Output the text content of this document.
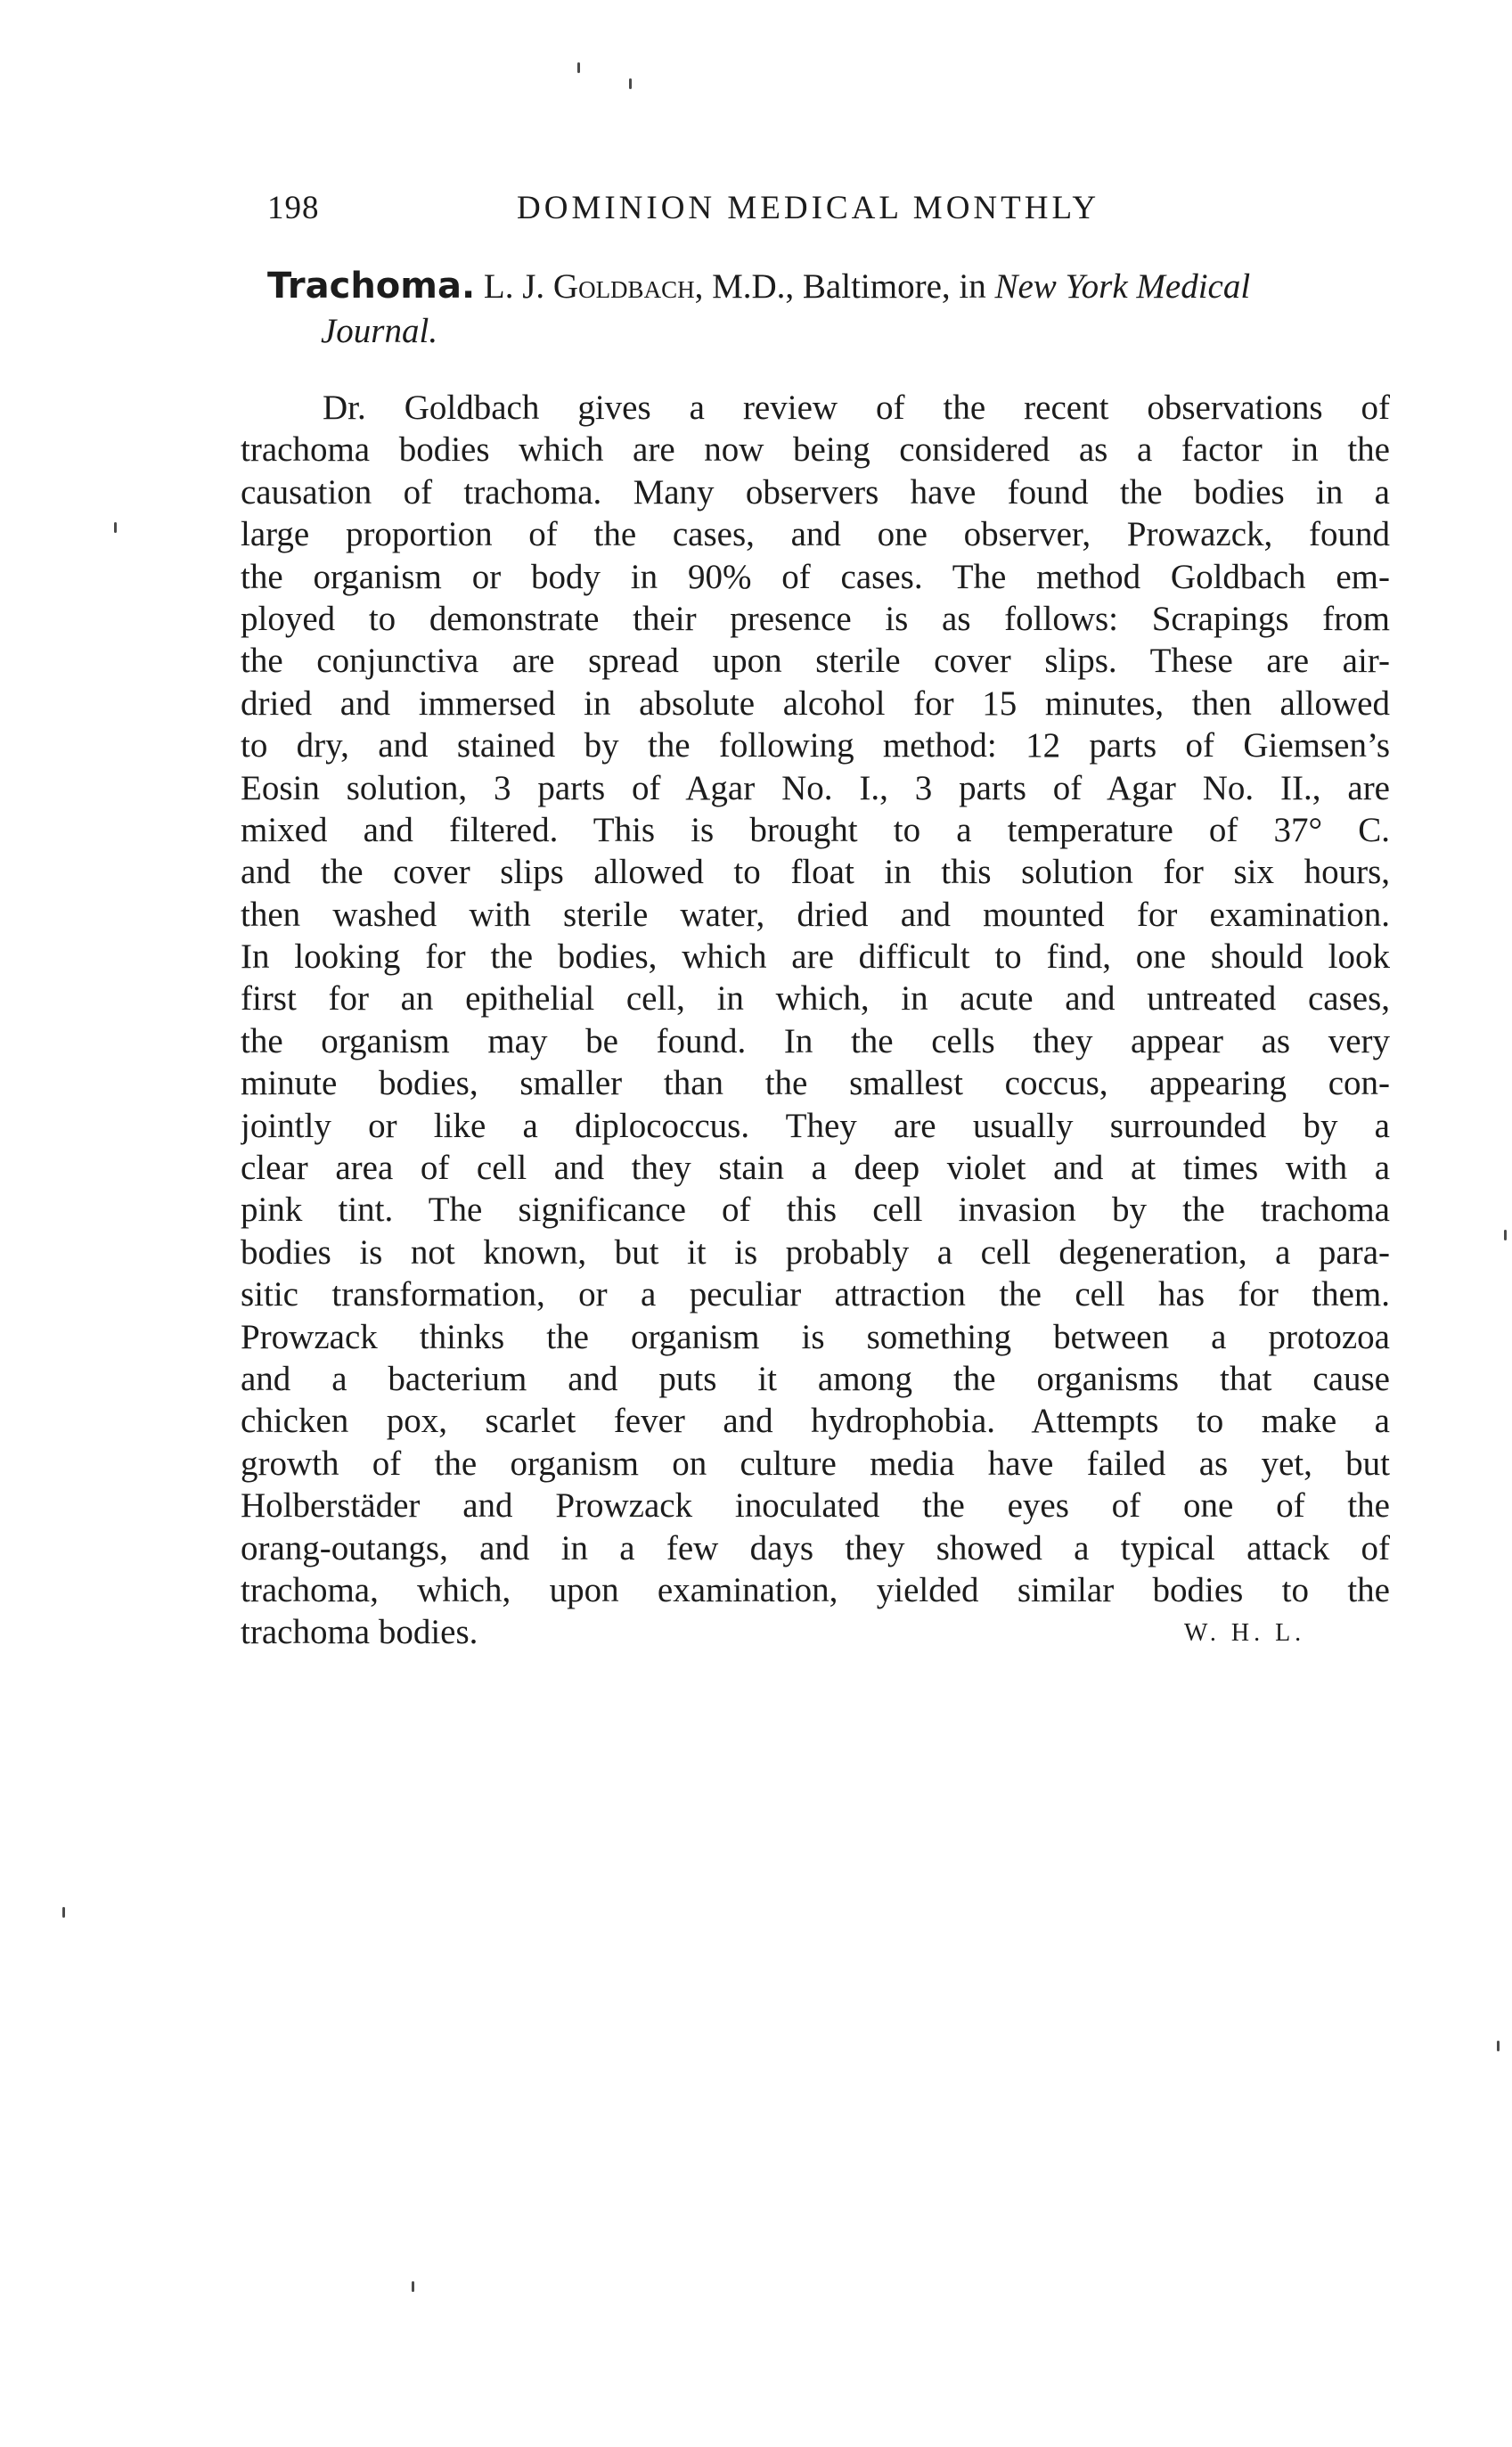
198	DOMINION MEDICAL MONTHLY
Trachoma. L. J. Goldbach, M.D., Baltimore, in New York Medical
Journal.
Dr. Goldbach gives a review of the recent observations of
trachoma bodies which are now being considered as a factor in the
causation of trachoma. Many observers have found the bodies in a
large proportion of the cases, and one observer, Prowazck, found
the organism or body in 90% of cases. The method Goldbach em-
ployed to demonstrate their presence is as follows: Scrapings from
the conjunctiva are spread upon sterile cover slips. These are air-
dried and immersed in absolute alcohol for 15 minutes, then allowed
to dry, and stained by the following method: 12 parts of Giemsen’s
Eosin solution, 3 parts of Agar No. I., 3 parts of Agar No. II., are
mixed and filtered. This is brought to a temperature of 37° C.
and the cover slips allowed to float in this solution for six hours,
then washed with sterile water, dried and mounted for examination.
In looking for the bodies, which are difficult to find, one should look
first for an epithelial cell, in which, in acute and untreated cases,
the organism may be found. In the cells they appear as very
minute bodies, smaller than the smallest coccus, appearing con-
jointly or like a diplococcus. They are usually surrounded by a
clear area of cell and they stain a deep violet and at times with a
pink tint. The significance of this cell invasion by the trachoma
bodies is not known, but it is probably a cell degeneration, a para-
sitic transformation, or a peculiar attraction the cell has for them.
Prowzack thinks the organism is something between a protozoa
and a bacterium and puts it among the organisms that cause
chicken pox, scarlet fever and hydrophobia. Attempts to make a
growth of the organism on culture media have failed as yet, but
Holberstäder and Prowzack inoculated the eyes of one of the
orang-outangs, and in a few days they showed a typical attack of
trachoma, which, upon examination, yielded similar bodies to the
trachoma bodies.	W. H. L.
